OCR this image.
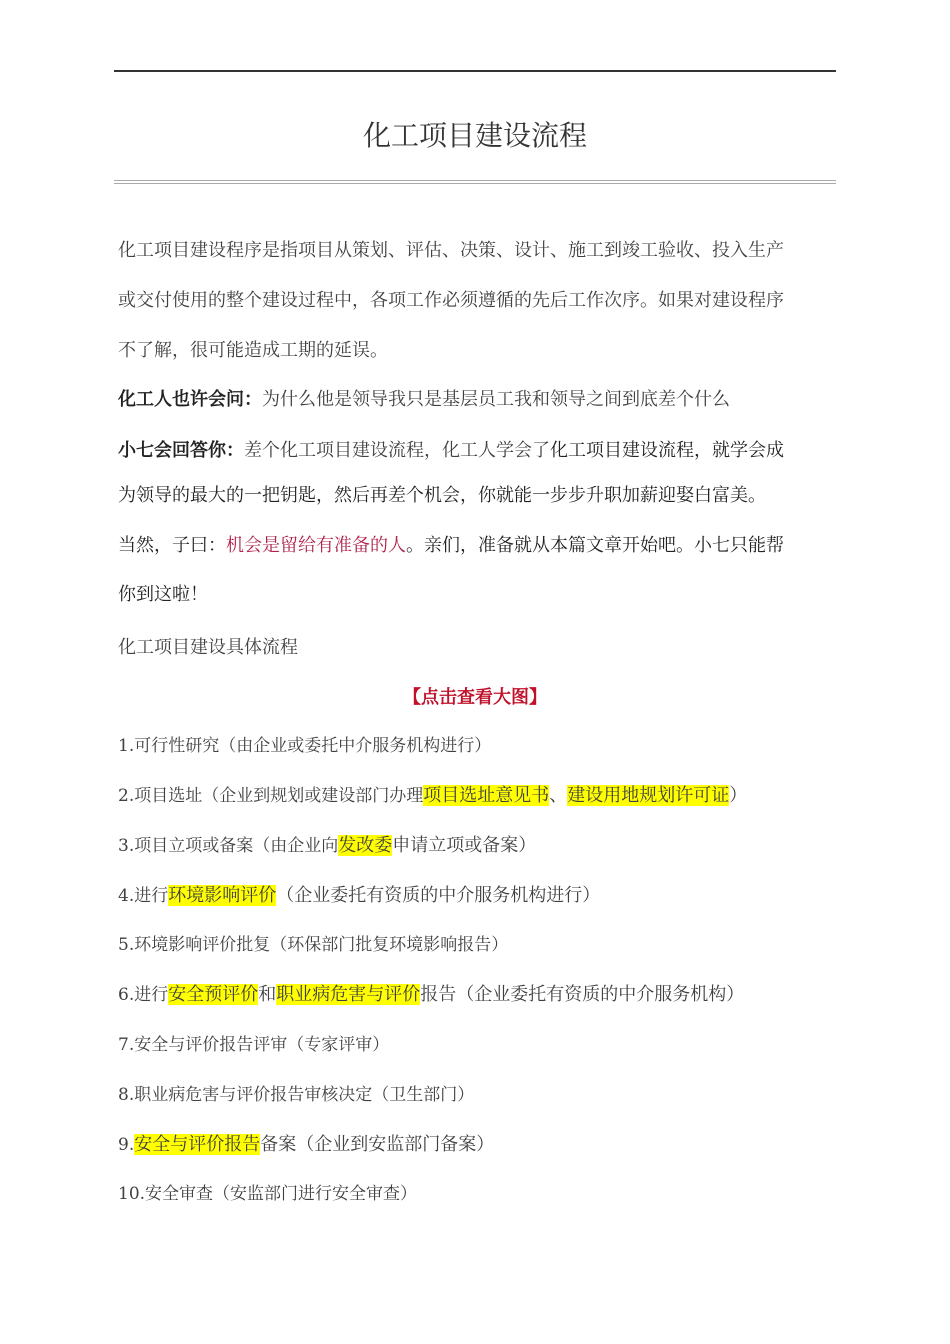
化工项目建设流程
化工项目建设程序是指项目从策划、评估、决策、设计、施工到竣工验收、投入生产
或交付使用的整个建设过程中，各项工作必须遵循的先后工作次序。如果对建设程序
不了解，很可能造成工期的延误。
化工人也许会问：为什么他是领导我只是基层员工我和领导之间到底差个什么
小七会回答你：差个化工项目建设流程，化工人学会了化工项目建设流程，就学会成
为领导的最大的一把钥匙，然后再差个机会，你就能一步步升职加薪迎娶白富美。
当然，子曰：机会是留给有准备的人。亲们，准备就从本篇文章开始吧。小七只能帮
你到这啦！
化工项目建设具体流程
【点击查看大图】
1.可行性研究（由企业或委托中介服务机构进行）
2.项目选址（企业到规划或建设部门办理项目选址意见书、建设用地规划许可证）
3.项目立项或备案（由企业向发改委申请立项或备案）
4.进行环境影响评价（企业委托有资质的中介服务机构进行）
5.环境影响评价批复（环保部门批复环境影响报告）
6.进行安全预评价和职业病危害与评价报告（企业委托有资质的中介服务机构）
7.安全与评价报告评审（专家评审）
8.职业病危害与评价报告审核决定（卫生部门）
9.安全与评价报告备案（企业到安监部门备案）
10.安全审查（安监部门进行安全审查）
